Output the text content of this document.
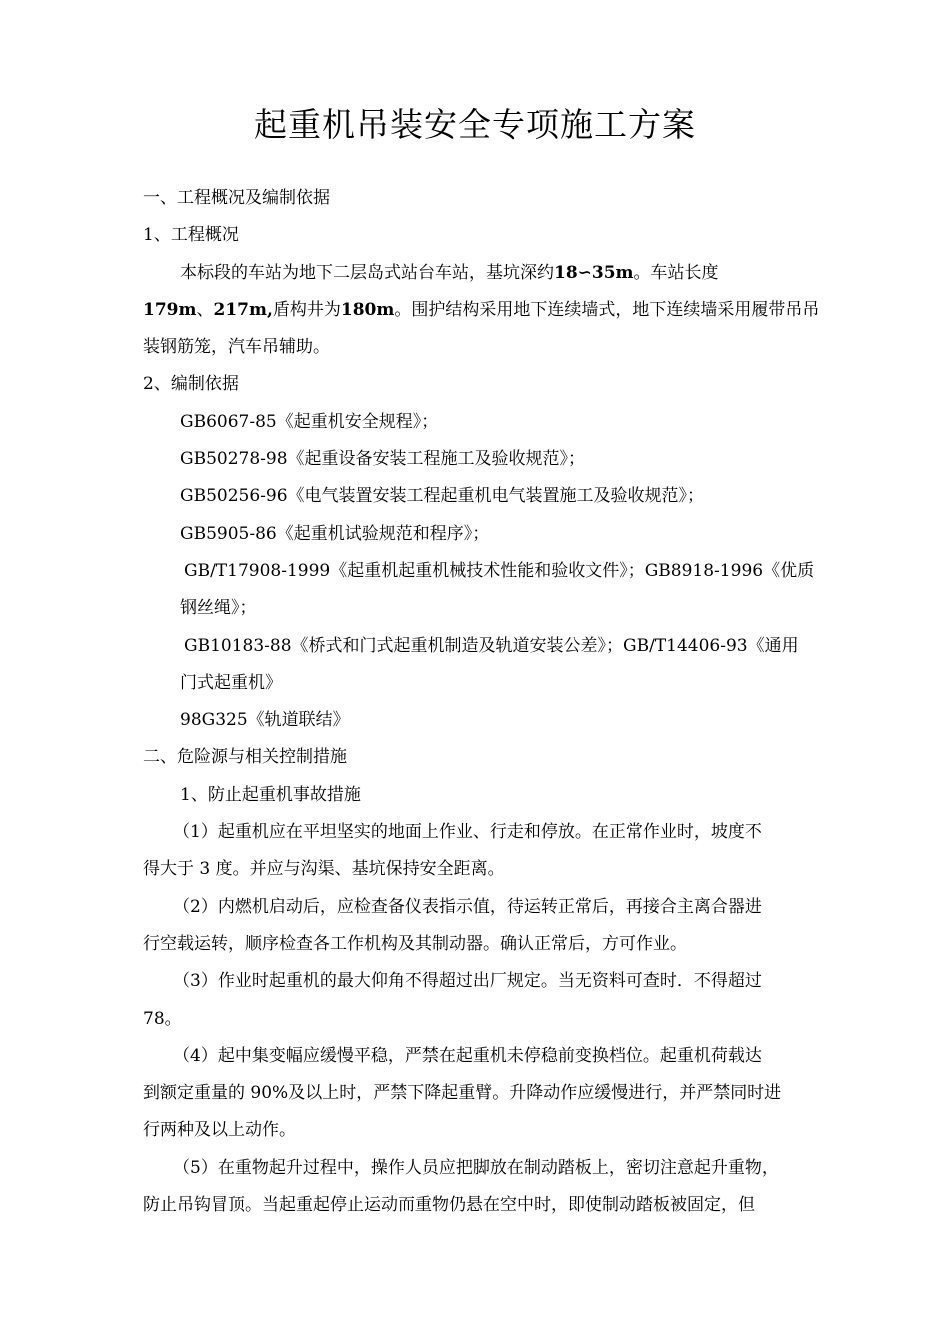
起重机吊装安全专项施工方案
一、工程概况及编制依据
1、工程概况
本标段的车站为地下二层岛式站台车站，基坑深约18∽35m。车站长度
179m、217m,盾构井为180m。围护结构采用地下连续墙式，地下连续墙采用履带吊吊
装钢筋笼，汽车吊辅助。
2、编制依据
GB6067-85《起重机安全规程》；
GB50278-98《起重设备安装工程施工及验收规范》；
GB50256-96《电气装置安装工程起重机电气装置施工及验收规范》；
GB5905-86《起重机试验规范和程序》；
GB/T17908-1999《起重机起重机械技术性能和验收文件》；GB8918-1996《优质
钢丝绳》；
GB10183-88《桥式和门式起重机制造及轨道安装公差》；GB/T14406-93《通用
门式起重机》
98G325《轨道联结》
二、危险源与相关控制措施
1、防止起重机事故措施
（1）起重机应在平坦坚实的地面上作业、行走和停放。在正常作业时，坡度不
得大于 3 度。并应与沟渠、基坑保持安全距离。
（2）内燃机启动后，应检查备仪表指示值，待运转正常后，再接合主离合器进
行空载运转，顺序检查各工作机构及其制动器。确认正常后，方可作业。
（3）作业时起重机的最大仰角不得超过出厂规定。当无资料可查时．不得超过
78。
（4）起中集变幅应缓慢平稳，严禁在起重机未停稳前变换档位。起重机荷载达
到额定重量的 90%及以上时，严禁下降起重臂。升降动作应缓慢进行，并严禁同时进
行两种及以上动作。
（5）在重物起升过程中，操作人员应把脚放在制动踏板上，密切注意起升重物，
防止吊钩冒顶。当起重起停止运动而重物仍悬在空中时，即使制动踏板被固定，但
